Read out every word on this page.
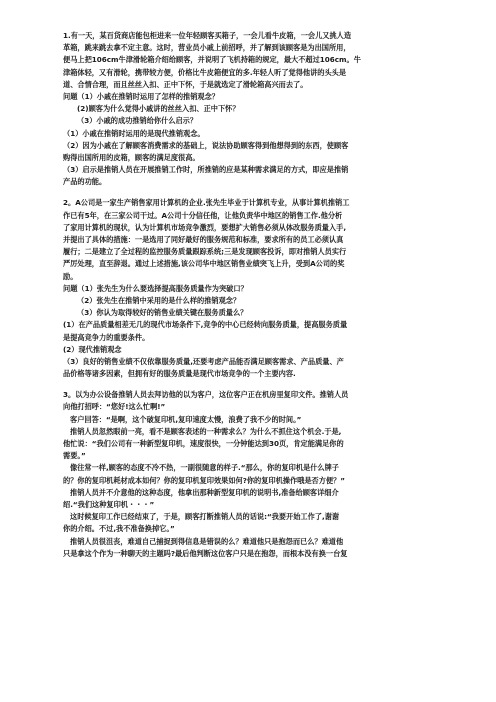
1.有一天，某百货商店能包柜进来一位年轻顾客买箱子，一会儿看牛皮箱，一会儿又挑人造
革箱，跳来跳去拿不定主意。这时，营业员小戚上前招呼，并了解到该顾客是为出国所用，
便马上把106cm牛津滑轮箱介绍给顾客，并说明了飞机持箱的规定，最大不超过106cm。牛
津箱体轻，又有滑轮，携带较方便，价格比牛皮箱便宜的多.年轻人听了觉得他讲的头头是
道、合情合理，而且丝丝入扣、正中下怀，于是就选定了滑轮箱高兴而去了。
问题（1）小戚在推销时运用了怎样的推销观念？
(2)顾客为什么觉得小戚讲的丝丝入扣、正中下怀？
（3）小戚的成功推销给你什么启示？
（1）小戚在推销时运用的是现代推销观念。
（2）因为小戚在了解顾客消费需求的基础上，说法协助顾客得到他想得到的东西，使顾客
购得出国所用的皮箱，顾客的满足度很高。
（3）启示是推销人员在开展推销工作时，所推销的应是某种需求满足的方式，即应是推销
产品的功能。
2。A公司是一家生产销售家用计算机的企业.张先生毕业于计算机专业，从事计算机推销工
作已有5年，在三家公司干过。A公司十分信任他，让他负责华中地区的销售工作.他分析
了家用计算机的现状，认为计算机市场竞争激烈，要想扩大销售必须从体改服务质量入手,
并提出了具体的措施：一是选用了同好最好的服务规范和标准，要求所有的员工必须认真
履行；二是建立了全过程的监控服务质量跟踪系统;三是发现顾客投诉，即对推销人员实行
严厉处理，直至辞退。通过上述措施,该公司华中地区销售业绩突飞上升，受到A公司的奖
励。
问题（1）张先生为什么要选择提高服务质量作为突破口？
（2）张先生在推销中采用的是什么样的推销观念？
（3）你认为取得较好的销售业绩关键在服务质量么？
(1）在产品质量相差无几的现代市场条件下,竞争的中心已经转向服务质量，提高服务质量
是提高竞争力的重要条件。
(2）现代推销观念
（3）良好的销售业绩不仅依靠服务质量,还要考虑产品能否满足顾客需求、产品质量、产
品价格等诸多因素，但拥有好的服务质量是现代市场竞争的一个主要内容.
3。以为办公设备推销人员去拜访他的以为客户，这位客户正在机房里复印文件。推销人员
向他打招呼：“您好!这么忙啊!”
客户回答：“是啊，这个破复印机,复印速度太慢，浪费了我不少的时间。”
推销人员忽然眼前一亮，看不是顾客表述的一种需求么？为什么不抓住这个机会.于是,
他忙说：“我们公司有一种新型复印机，速度很快，一分钟能达到30页，肯定能满足你的
需要。”
像往常一样,顾客的态度不冷不热，一副很随意的样子.“那么，你的复印机是什么牌子
的？你的复印机耗材成本如何？你的复印机复印效果如何?你的复印机操作哦是否方便？”
推销人员并不介意他的这种态度，他拿出那种新型复印机的说明书,准备给顾客详细介
绍.“我们这种复印机・・・”
这时候复印工作已经结束了，于是，顾客打断推销人员的话说:“我要开始工作了,谢谢
你的介绍。不过,我不准备换掉它。”
推销人员很沮丧，难道自己捕捉到得信息是错误的么？难道他只是抱怨而已么？难道他
只是拿这个作为一种聊天的主题吗?最后他判断这位客户只是在抱怨，而根本没有换一台复
